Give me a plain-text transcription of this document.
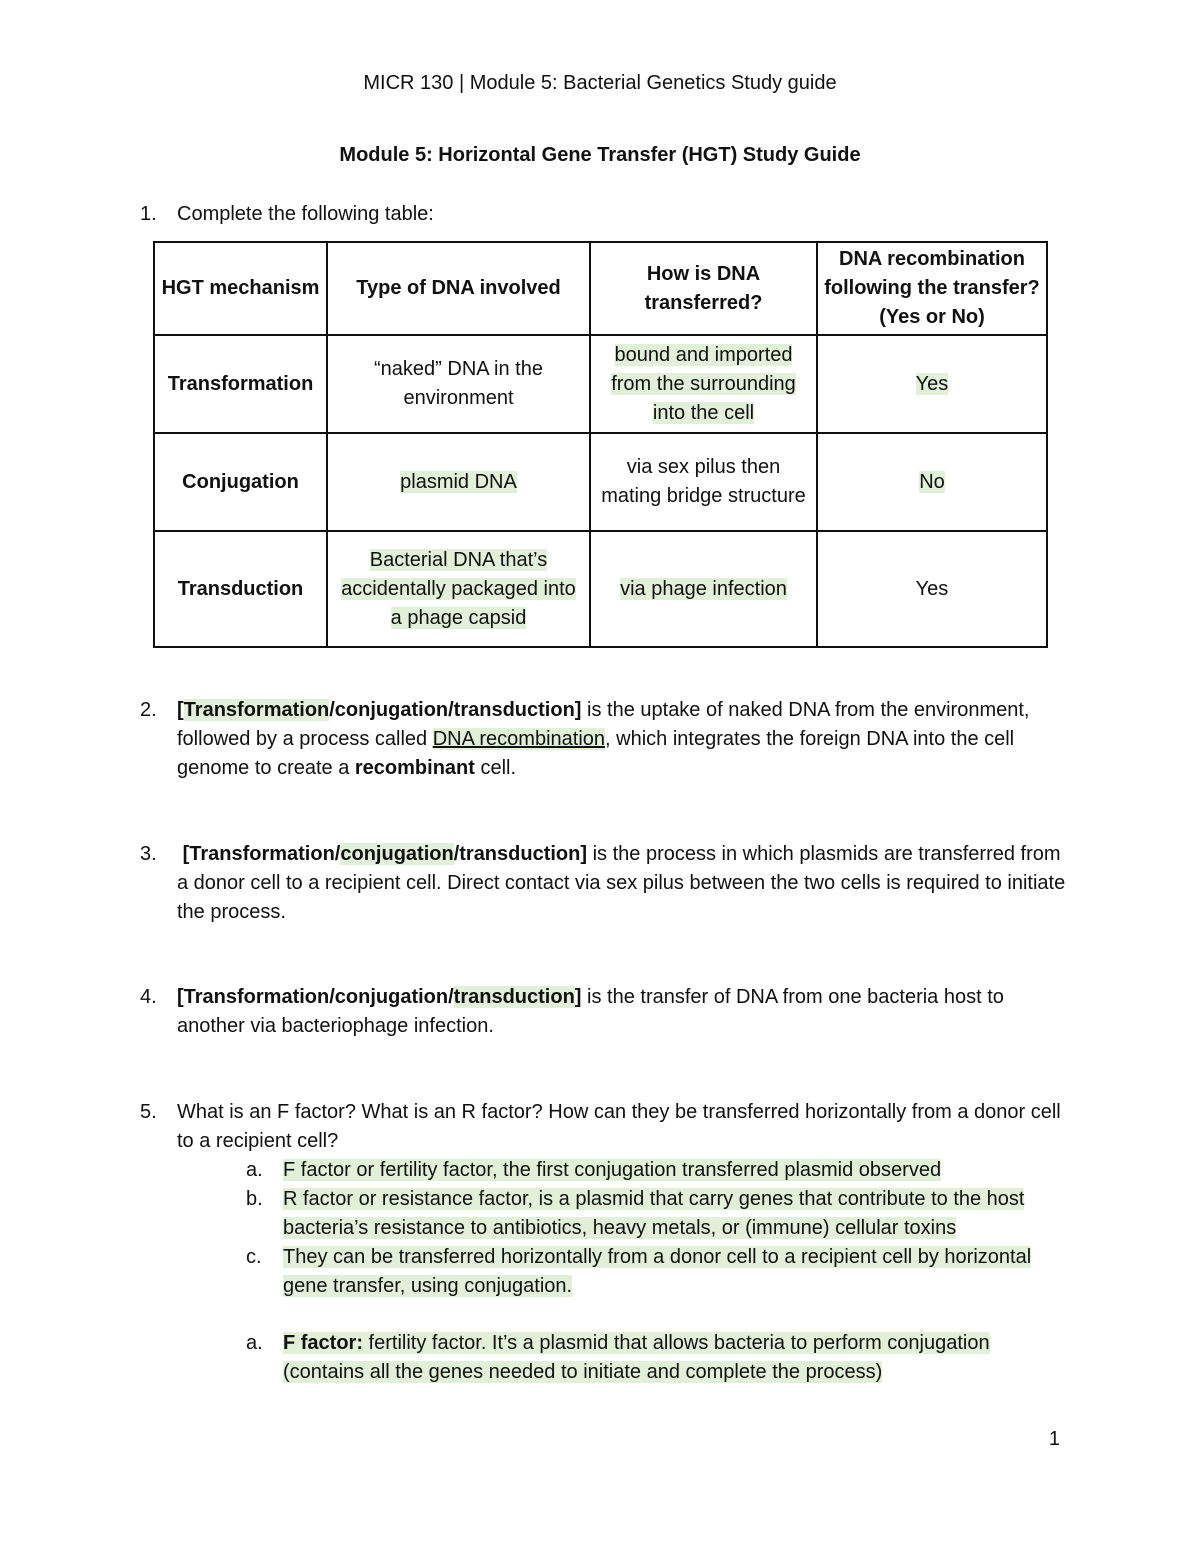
MICR 130 | Module 5: Bacterial Genetics Study guide
Module 5: Horizontal Gene Transfer (HGT) Study Guide
1. Complete the following table:
HGT mechanism	Type of DNA involved	How is DNA transferred?	DNA recombination following the transfer? (Yes or No)
Transformation	“naked” DNA in the environment	bound and imported from the surrounding into the cell	Yes
Conjugation	plasmid DNA	via sex pilus then mating bridge structure	No
Transduction	Bacterial DNA that’s accidentally packaged into a phage capsid	via phage infection	Yes
2. [Transformation/conjugation/transduction] is the uptake of naked DNA from the environment, followed by a process called DNA recombination, which integrates the foreign DNA into the cell genome to create a recombinant cell.
3. [Transformation/conjugation/transduction] is the process in which plasmids are transferred from a donor cell to a recipient cell. Direct contact via sex pilus between the two cells is required to initiate the process.
4. [Transformation/conjugation/transduction] is the transfer of DNA from one bacteria host to another via bacteriophage infection.
5. What is an F factor? What is an R factor? How can they be transferred horizontally from a donor cell to a recipient cell?
a. F factor or fertility factor, the first conjugation transferred plasmid observed
b. R factor or resistance factor, is a plasmid that carry genes that contribute to the host bacteria’s resistance to antibiotics, heavy metals, or (immune) cellular toxins
c. They can be transferred horizontally from a donor cell to a recipient cell by horizontal gene transfer, using conjugation.
a. F factor: fertility factor. It’s a plasmid that allows bacteria to perform conjugation (contains all the genes needed to initiate and complete the process)
1
